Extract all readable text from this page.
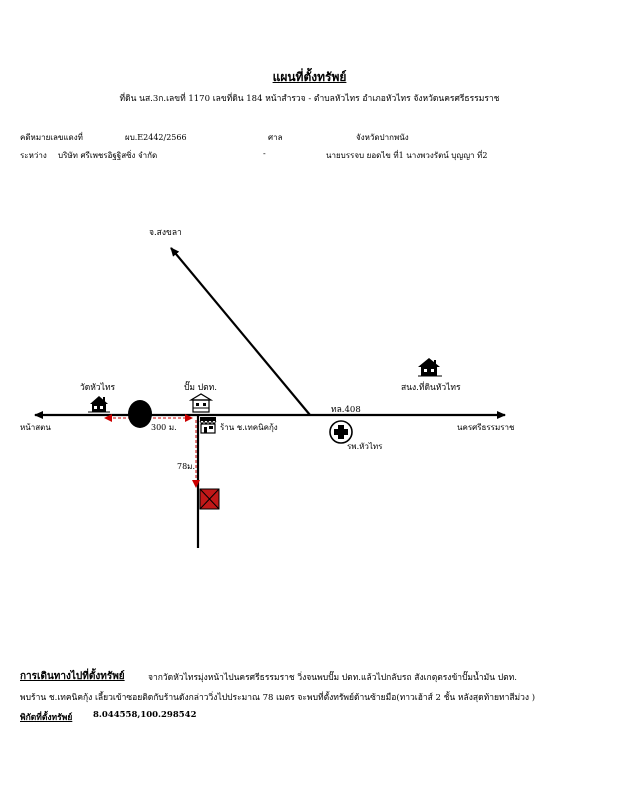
แผนที่ตั้งทรัพย์
ที่ดิน นส.3ก.เลขที่ 1170 เลขที่ดิน 184 หน้าสำรวจ - ตำบลหัวไทร อำเภอหัวไทร จังหวัดนครศรีธรรมราช
คดีหมายเลขแดงที่	ผบ.E2442/2566	ศาล	จังหวัดปากพนัง
ระหว่าง บริษัท ศรีเพชรอิฐฐิสซิ่ง จำกัด	-	นายบรรจบ ยอดไข ที่1 นางพวงรัตน์ บุญญา ที่2
จ.สงขลา
วัดหัวไทร	ปั๊ม ปตท.	สนง.ที่ดินหัวไทร
ทล.408
หน้าสตน	300 ม.	ร้าน ช.เทคนิคกุ้ง	นครศรีธรรมราช
รพ.หัวไทร
78ม.
การเดินทางไปที่ตั้งทรัพย์	จากวัดหัวไทรมุ่งหน้าไปนครศรีธรรมราช วิ่งจนพบปั๊ม ปตท.แล้วไปกลับรถ สังเกตุตรงข้าปั๊มน้ำมัน ปตท.
พบร้าน ช.เทคนิคกุ้ง เลี้ยวเข้าซอยติดกับร้านดังกล่าววิ่งไปประมาณ 78 เมตร จะพบที่ตั้งทรัพย์ด้านซ้ายมือ(ทาวเฮ้าส์ 2 ชั้น หลังสุดท้ายทาสีม่วง )
พิกัดที่ตั้งทรัพย์ 8.044558,100.298542
